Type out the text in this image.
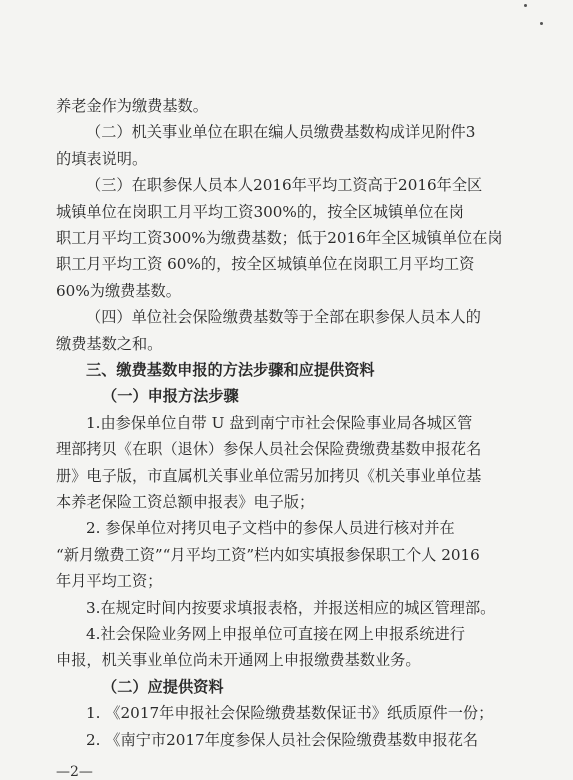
养老金作为缴费基数。
（二）机关事业单位在职在编人员缴费基数构成详见附件3
的填表说明。
（三）在职参保人员本人2016年平均工资高于2016年全区
城镇单位在岗职工月平均工资300%的，按全区城镇单位在岗
职工月平均工资300%为缴费基数；低于2016年全区城镇单位在岗
职工月平均工资 60%的，按全区城镇单位在岗职工月平均工资
60%为缴费基数。
（四）单位社会保险缴费基数等于全部在职参保人员本人的
缴费基数之和。
三、缴费基数申报的方法步骤和应提供资料
（一）申报方法步骤
1.由参保单位自带 U 盘到南宁市社会保险事业局各城区管
理部拷贝《在职（退休）参保人员社会保险费缴费基数申报花名
册》电子版，市直属机关事业单位需另加拷贝《机关事业单位基
本养老保险工资总额申报表》电子版；
2. 参保单位对拷贝电子文档中的参保人员进行核对并在
“新月缴费工资”“月平均工资”栏内如实填报参保职工个人 2016
年月平均工资；
3.在规定时间内按要求填报表格，并报送相应的城区管理部。
4.社会保险业务网上申报单位可直接在网上申报系统进行
申报，机关事业单位尚未开通网上申报缴费基数业务。
（二）应提供资料
—2—
1. 《2017年申报社会保险缴费基数保证书》纸质原件一份；
2. 《南宁市2017年度参保人员社会保险缴费基数申报花名
